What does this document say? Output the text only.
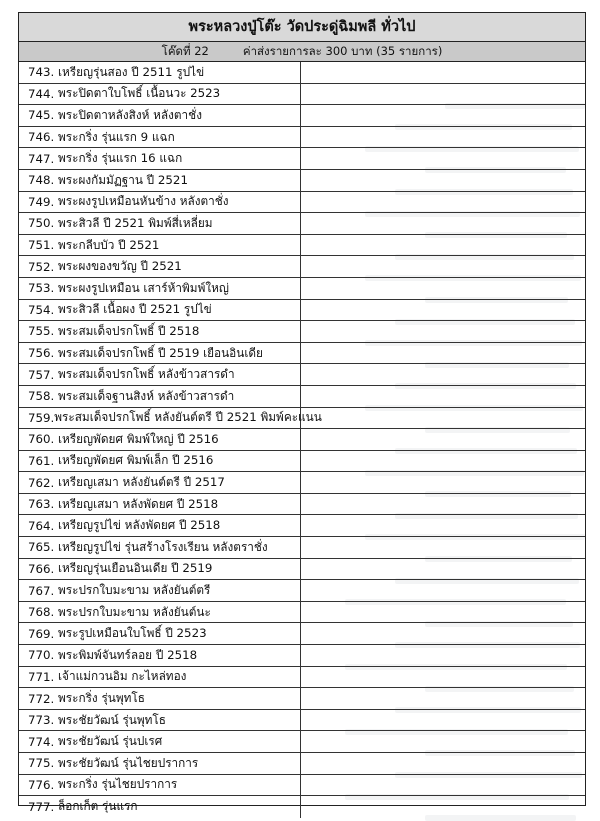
พระหลวงปู่โต๊ะ วัดประดู่ฉิมพลี ทั่วไป
โค๊ดที่ 22	ค่าส่งรายการละ 300 บาท (35 รายการ)
743. เหรียญรุ่นสอง ปี 2511 รูปไข่
744. พระปิดตาใบโพธิ์ เนื้อนวะ 2523
745. พระปิดตาหลังสิงห์ หลังตาชั่ง
746. พระกริ่ง รุ่นแรก 9 แฉก
747. พระกริ่ง รุ่นแรก 16 แฉก
748. พระผงกัมมัฏฐาน ปี 2521
749. พระผงรูปเหมือนหันข้าง หลังตาชั่ง
750. พระสิวลี ปี 2521 พิมพ์สี่เหลี่ยม
751. พระกลีบบัว ปี 2521
752. พระผงของขวัญ ปี 2521
753. พระผงรูปเหมือน เสาร์ห้าพิมพ์ใหญ่
754. พระสิวลี เนื้อผง ปี 2521 รูปไข่
755. พระสมเด็จปรกโพธิ์ ปี 2518
756. พระสมเด็จปรกโพธิ์ ปี 2519 เยือนอินเดีย
757. พระสมเด็จปรกโพธิ์ หลังข้าวสารดำ
758. พระสมเด็จฐานสิงห์ หลังข้าวสารดำ
759. พระสมเด็จปรกโพธิ์ หลังยันต์ตรี ปี 2521 พิมพ์คะแนน
760. เหรียญพัดยศ พิมพ์ใหญ่ ปี 2516
761. เหรียญพัดยศ พิมพ์เล็ก ปี 2516
762. เหรียญเสมา หลังยันต์ตรี ปี 2517
763. เหรียญเสมา หลังพัดยศ ปี 2518
764. เหรียญรูปไข่ หลังพัดยศ ปี 2518
765. เหรียญรูปไข่ รุ่นสร้างโรงเรียน หลังตราชั่ง
766. เหรียญรุ่นเยือนอินเดีย ปี 2519
767. พระปรกใบมะขาม หลังยันต์ตรี
768. พระปรกใบมะขาม หลังยันต์นะ
769. พระรูปเหมือนใบโพธิ์ ปี 2523
770. พระพิมพ์จันทร์ลอย ปี 2518
771. เจ้าแม่กวนอิม กะไหล่ทอง
772. พระกริ่ง รุ่นพุทโธ
773. พระชัยวัฒน์ รุ่นพุทโธ
774. พระชัยวัฒน์ รุ่นปเรศ
775. พระชัยวัฒน์ รุ่นไชยปราการ
776. พระกริ่ง รุ่นไชยปราการ
777. ล็อกเก็ต รุ่นแรก
